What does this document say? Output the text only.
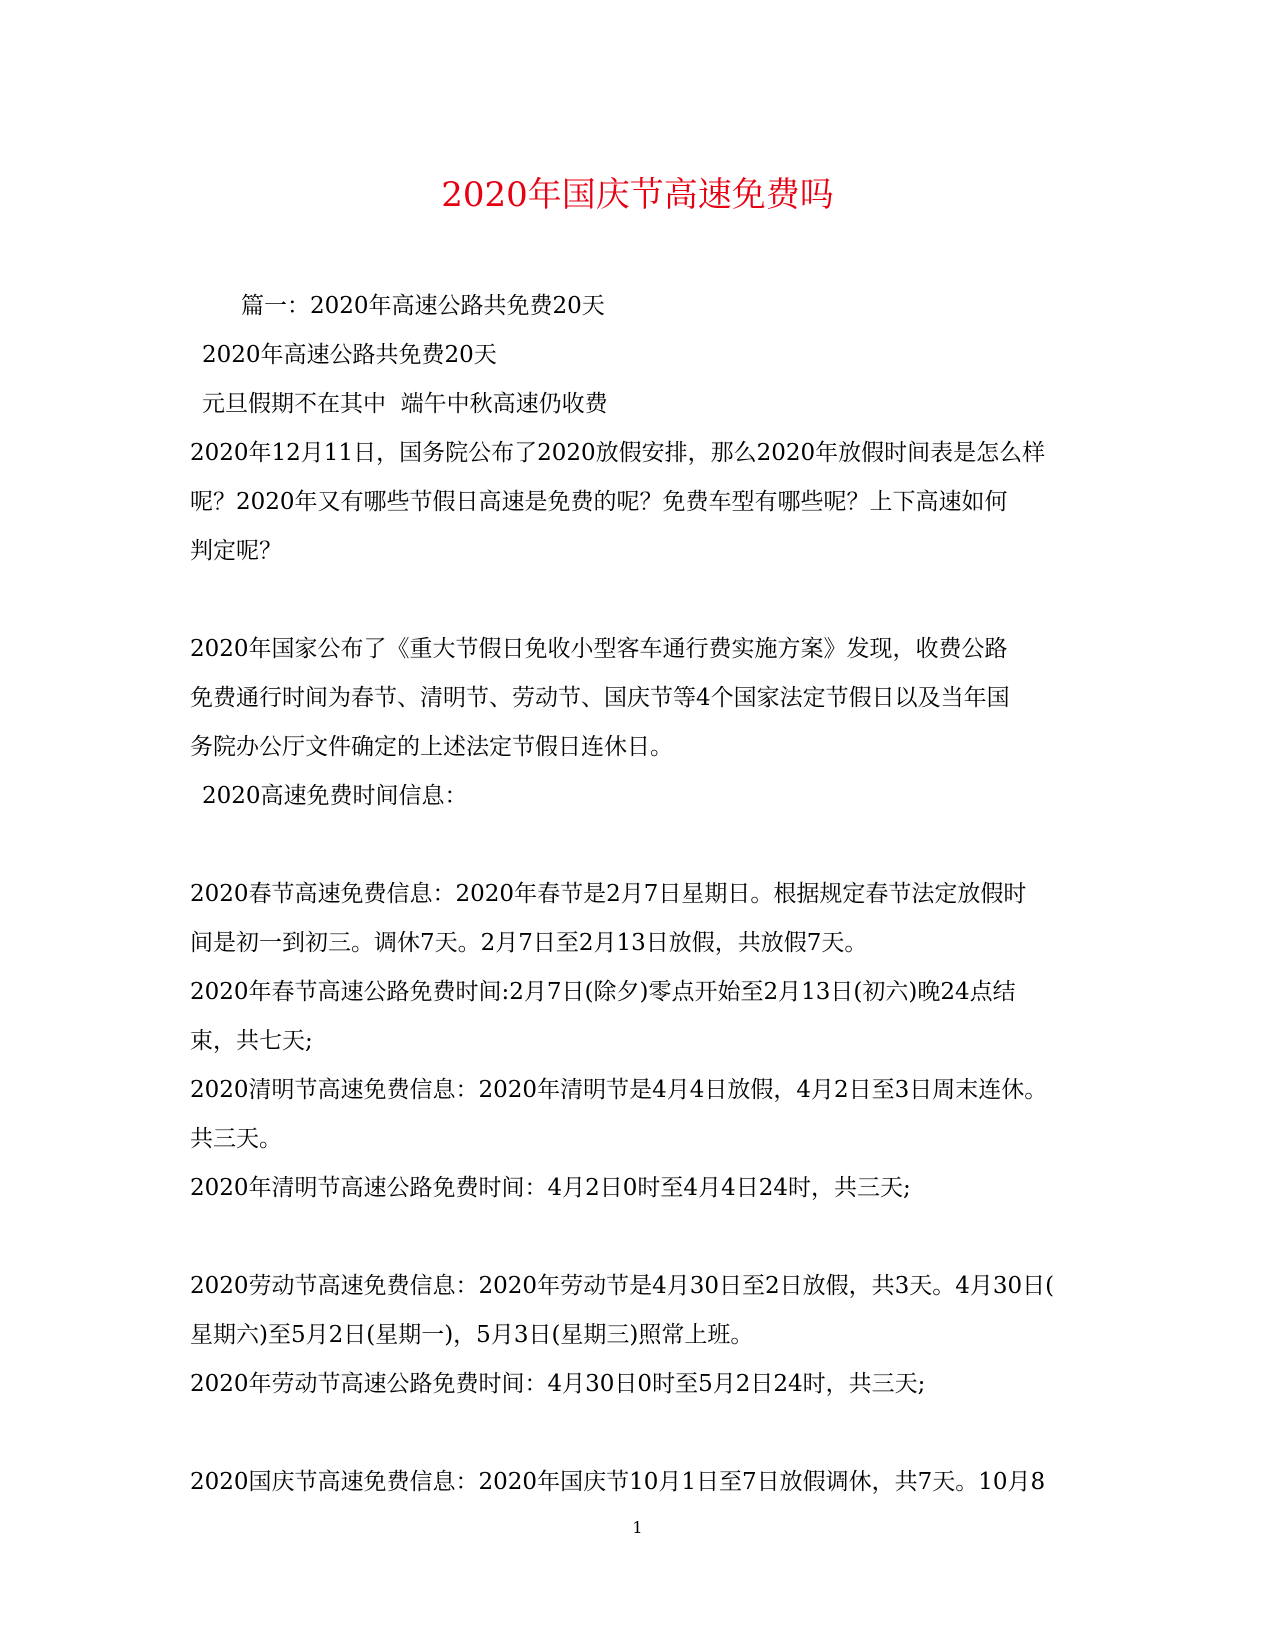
2020年国庆节高速免费吗
篇一：2020年高速公路共免费20天
2020年高速公路共免费20天
元旦假期不在其中  端午中秋高速仍收费
2020年12月11日，国务院公布了2020放假安排，那么2020年放假时间表是怎么样
呢？2020年又有哪些节假日高速是免费的呢？免费车型有哪些呢？上下高速如何
判定呢？
2020年国家公布了《重大节假日免收小型客车通行费实施方案》发现，收费公路
免费通行时间为春节、清明节、劳动节、国庆节等4个国家法定节假日以及当年国
务院办公厅文件确定的上述法定节假日连休日。
2020高速免费时间信息：
2020春节高速免费信息：2020年春节是2月7日星期日。根据规定春节法定放假时
间是初一到初三。调休7天。2月7日至2月13日放假，共放假7天。
2020年春节高速公路免费时间:2月7日(除夕)零点开始至2月13日(初六)晚24点结
束，共七天;
2020清明节高速免费信息：2020年清明节是4月4日放假，4月2日至3日周末连休。
共三天。
2020年清明节高速公路免费时间：4月2日0时至4月4日24时，共三天;
2020劳动节高速免费信息：2020年劳动节是4月30日至2日放假，共3天。4月30日(
星期六)至5月2日(星期一)，5月3日(星期三)照常上班。
2020年劳动节高速公路免费时间：4月30日0时至5月2日24时，共三天;
2020国庆节高速免费信息：2020年国庆节10月1日至7日放假调休，共7天。10月8
1
